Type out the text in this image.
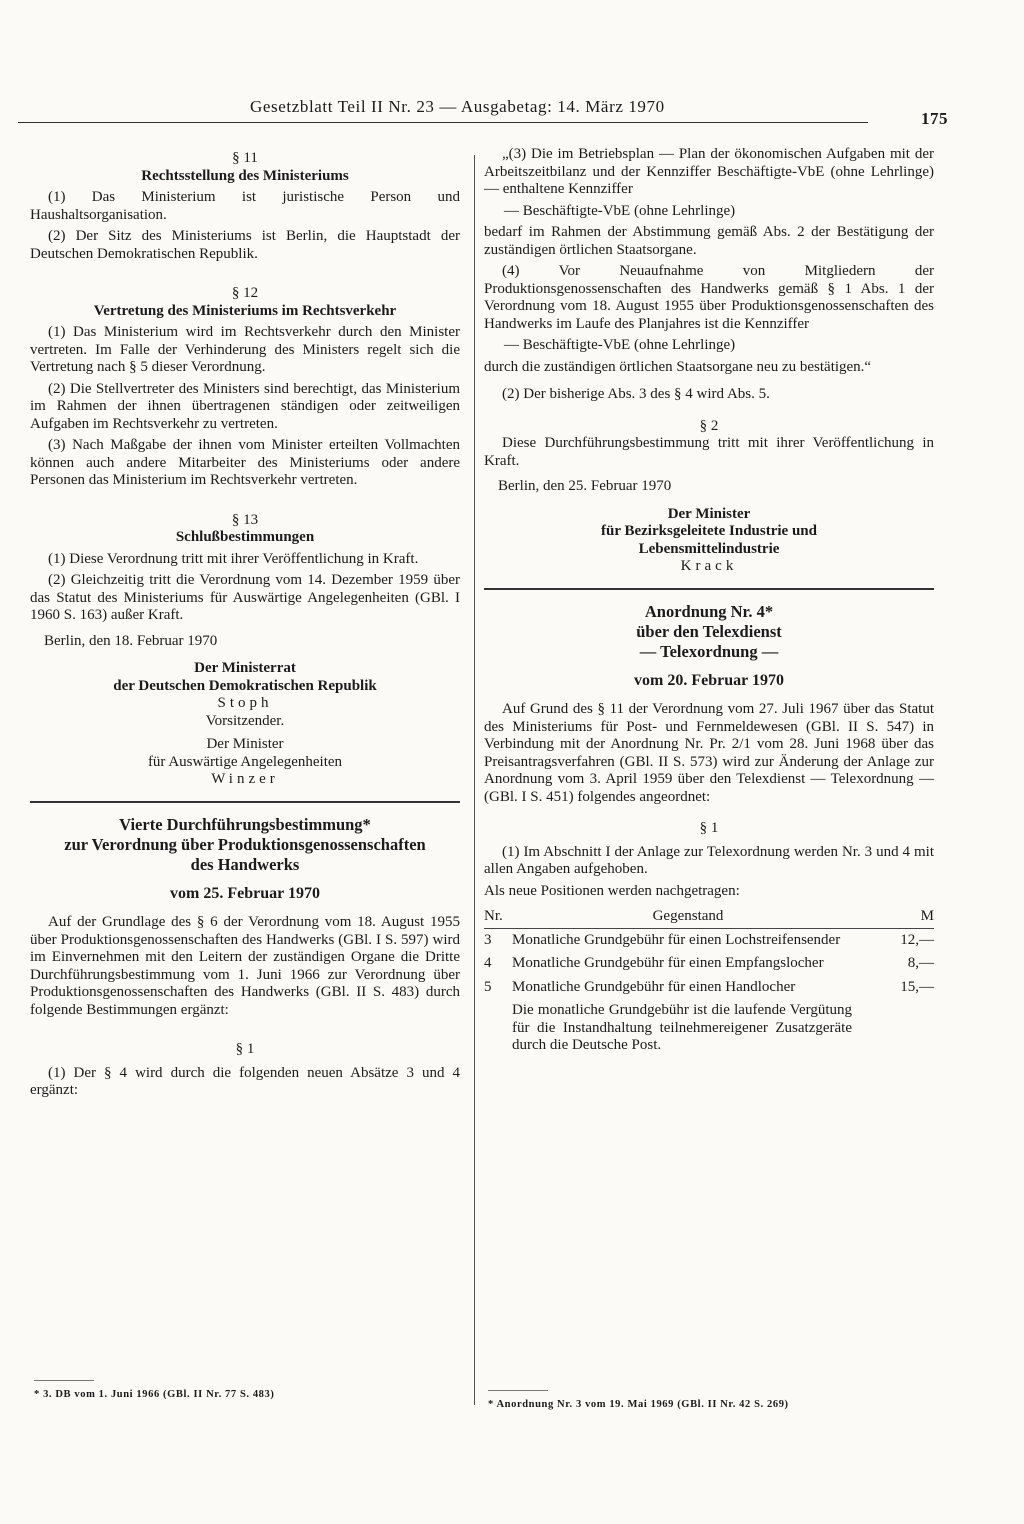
Gesetzblatt Teil II Nr. 23 — Ausgabetag: 14. März 1970
175
§ 11
Rechtsstellung des Ministeriums

(1) Das Ministerium ist juristische Person und Haushaltsorganisation.

(2) Der Sitz des Ministeriums ist Berlin, die Hauptstadt der Deutschen Demokratischen Republik.

§ 12
Vertretung des Ministeriums im Rechtsverkehr

(1) Das Ministerium wird im Rechtsverkehr durch den Minister vertreten. Im Falle der Verhinderung des Ministers regelt sich die Vertretung nach § 5 dieser Verordnung.

(2) Die Stellvertreter des Ministers sind berechtigt, das Ministerium im Rahmen der ihnen übertragenen ständigen oder zeitweiligen Aufgaben im Rechtsverkehr zu vertreten.

(3) Nach Maßgabe der ihnen vom Minister erteilten Vollmachten können auch andere Mitarbeiter des Ministeriums oder andere Personen das Ministerium im Rechtsverkehr vertreten.

§ 13
Schlußbestimmungen

(1) Diese Verordnung tritt mit ihrer Veröffentlichung in Kraft.

(2) Gleichzeitig tritt die Verordnung vom 14. Dezember 1959 über das Statut des Ministeriums für Auswärtige Angelegenheiten (GBl. I 1960 S. 163) außer Kraft.

Berlin, den 18. Februar 1970
Der Ministerrat
der Deutschen Demokratischen Republik
Stoph
Vorsitzender.
Der Minister
für Auswärtige Angelegenheiten
Winzer
Vierte Durchführungsbestimmung*
zur Verordnung über Produktionsgenossenschaften
des Handwerks
vom 25. Februar 1970

Auf der Grundlage des § 6 der Verordnung vom 18. August 1955 über Produktionsgenossenschaften des Handwerks (GBl. I S. 597) wird im Einvernehmen mit den Leitern der zuständigen Organe die Dritte Durchführungsbestimmung vom 1. Juni 1966 zur Verordnung über Produktionsgenossenschaften des Handwerks (GBl. II S. 483) durch folgende Bestimmungen ergänzt:

§ 1

(1) Der § 4 wird durch die folgenden neuen Absätze 3 und 4 ergänzt:

„(3) Die im Betriebsplan — Plan der ökonomischen Aufgaben mit der Arbeitszeitbilanz und der Kennziffer Beschäftigte-VbE (ohne Lehrlinge) — enthaltene Kennziffer

— Beschäftigte-VbE (ohne Lehrlinge)

bedarf im Rahmen der Abstimmung gemäß Abs. 2 der Bestätigung der zuständigen örtlichen Staatsorgane.

(4) Vor Neuaufnahme von Mitgliedern der Produktionsgenossenschaften des Handwerks gemäß § 1 Abs. 1 der Verordnung vom 18. August 1955 über Produktionsgenossenschaften des Handwerks im Laufe des Planjahres ist die Kennziffer

— Beschäftigte-VbE (ohne Lehrlinge)

durch die zuständigen örtlichen Staatsorgane neu zu bestätigen.“

(2) Der bisherige Abs. 3 des § 4 wird Abs. 5.

§ 2

Diese Durchführungsbestimmung tritt mit ihrer Veröffentlichung in Kraft.

Berlin, den 25. Februar 1970
Der Minister
für Bezirksgeleitete Industrie und
Lebensmittelindustrie
Krack
Anordnung Nr. 4*
über den Telexdienst
— Telexordnung —
vom 20. Februar 1970

Auf Grund des § 11 der Verordnung vom 27. Juli 1967 über das Statut des Ministeriums für Post- und Fernmeldewesen (GBl. II S. 547) in Verbindung mit der Anordnung Nr. Pr. 2/1 vom 28. Juni 1968 über das Preisantragsverfahren (GBl. II S. 573) wird zur Änderung der Anlage zur Anordnung vom 3. April 1959 über den Telexdienst — Telexordnung — (GBl. I S. 451) folgendes angeordnet:

§ 1

(1) Im Abschnitt I der Anlage zur Telexordnung werden Nr. 3 und 4 mit allen Angaben aufgehoben.

Als neue Positionen werden nachgetragen:

Nr.	Gegenstand	M
3	Monatliche Grundgebühr für einen Lochstreifensender	12,—
4	Monatliche Grundgebühr für einen Empfangslocher	8,—
5	Monatliche Grundgebühr für einen Handlocher	15,—
	Die monatliche Grundgebühr ist die laufende Vergütung für die Instandhaltung teilnehmereigener Zusatzgeräte durch die Deutsche Post.	
* 3. DB vom 1. Juni 1966 (GBl. II Nr. 77 S. 483)
* Anordnung Nr. 3 vom 19. Mai 1969 (GBl. II Nr. 42 S. 269)
